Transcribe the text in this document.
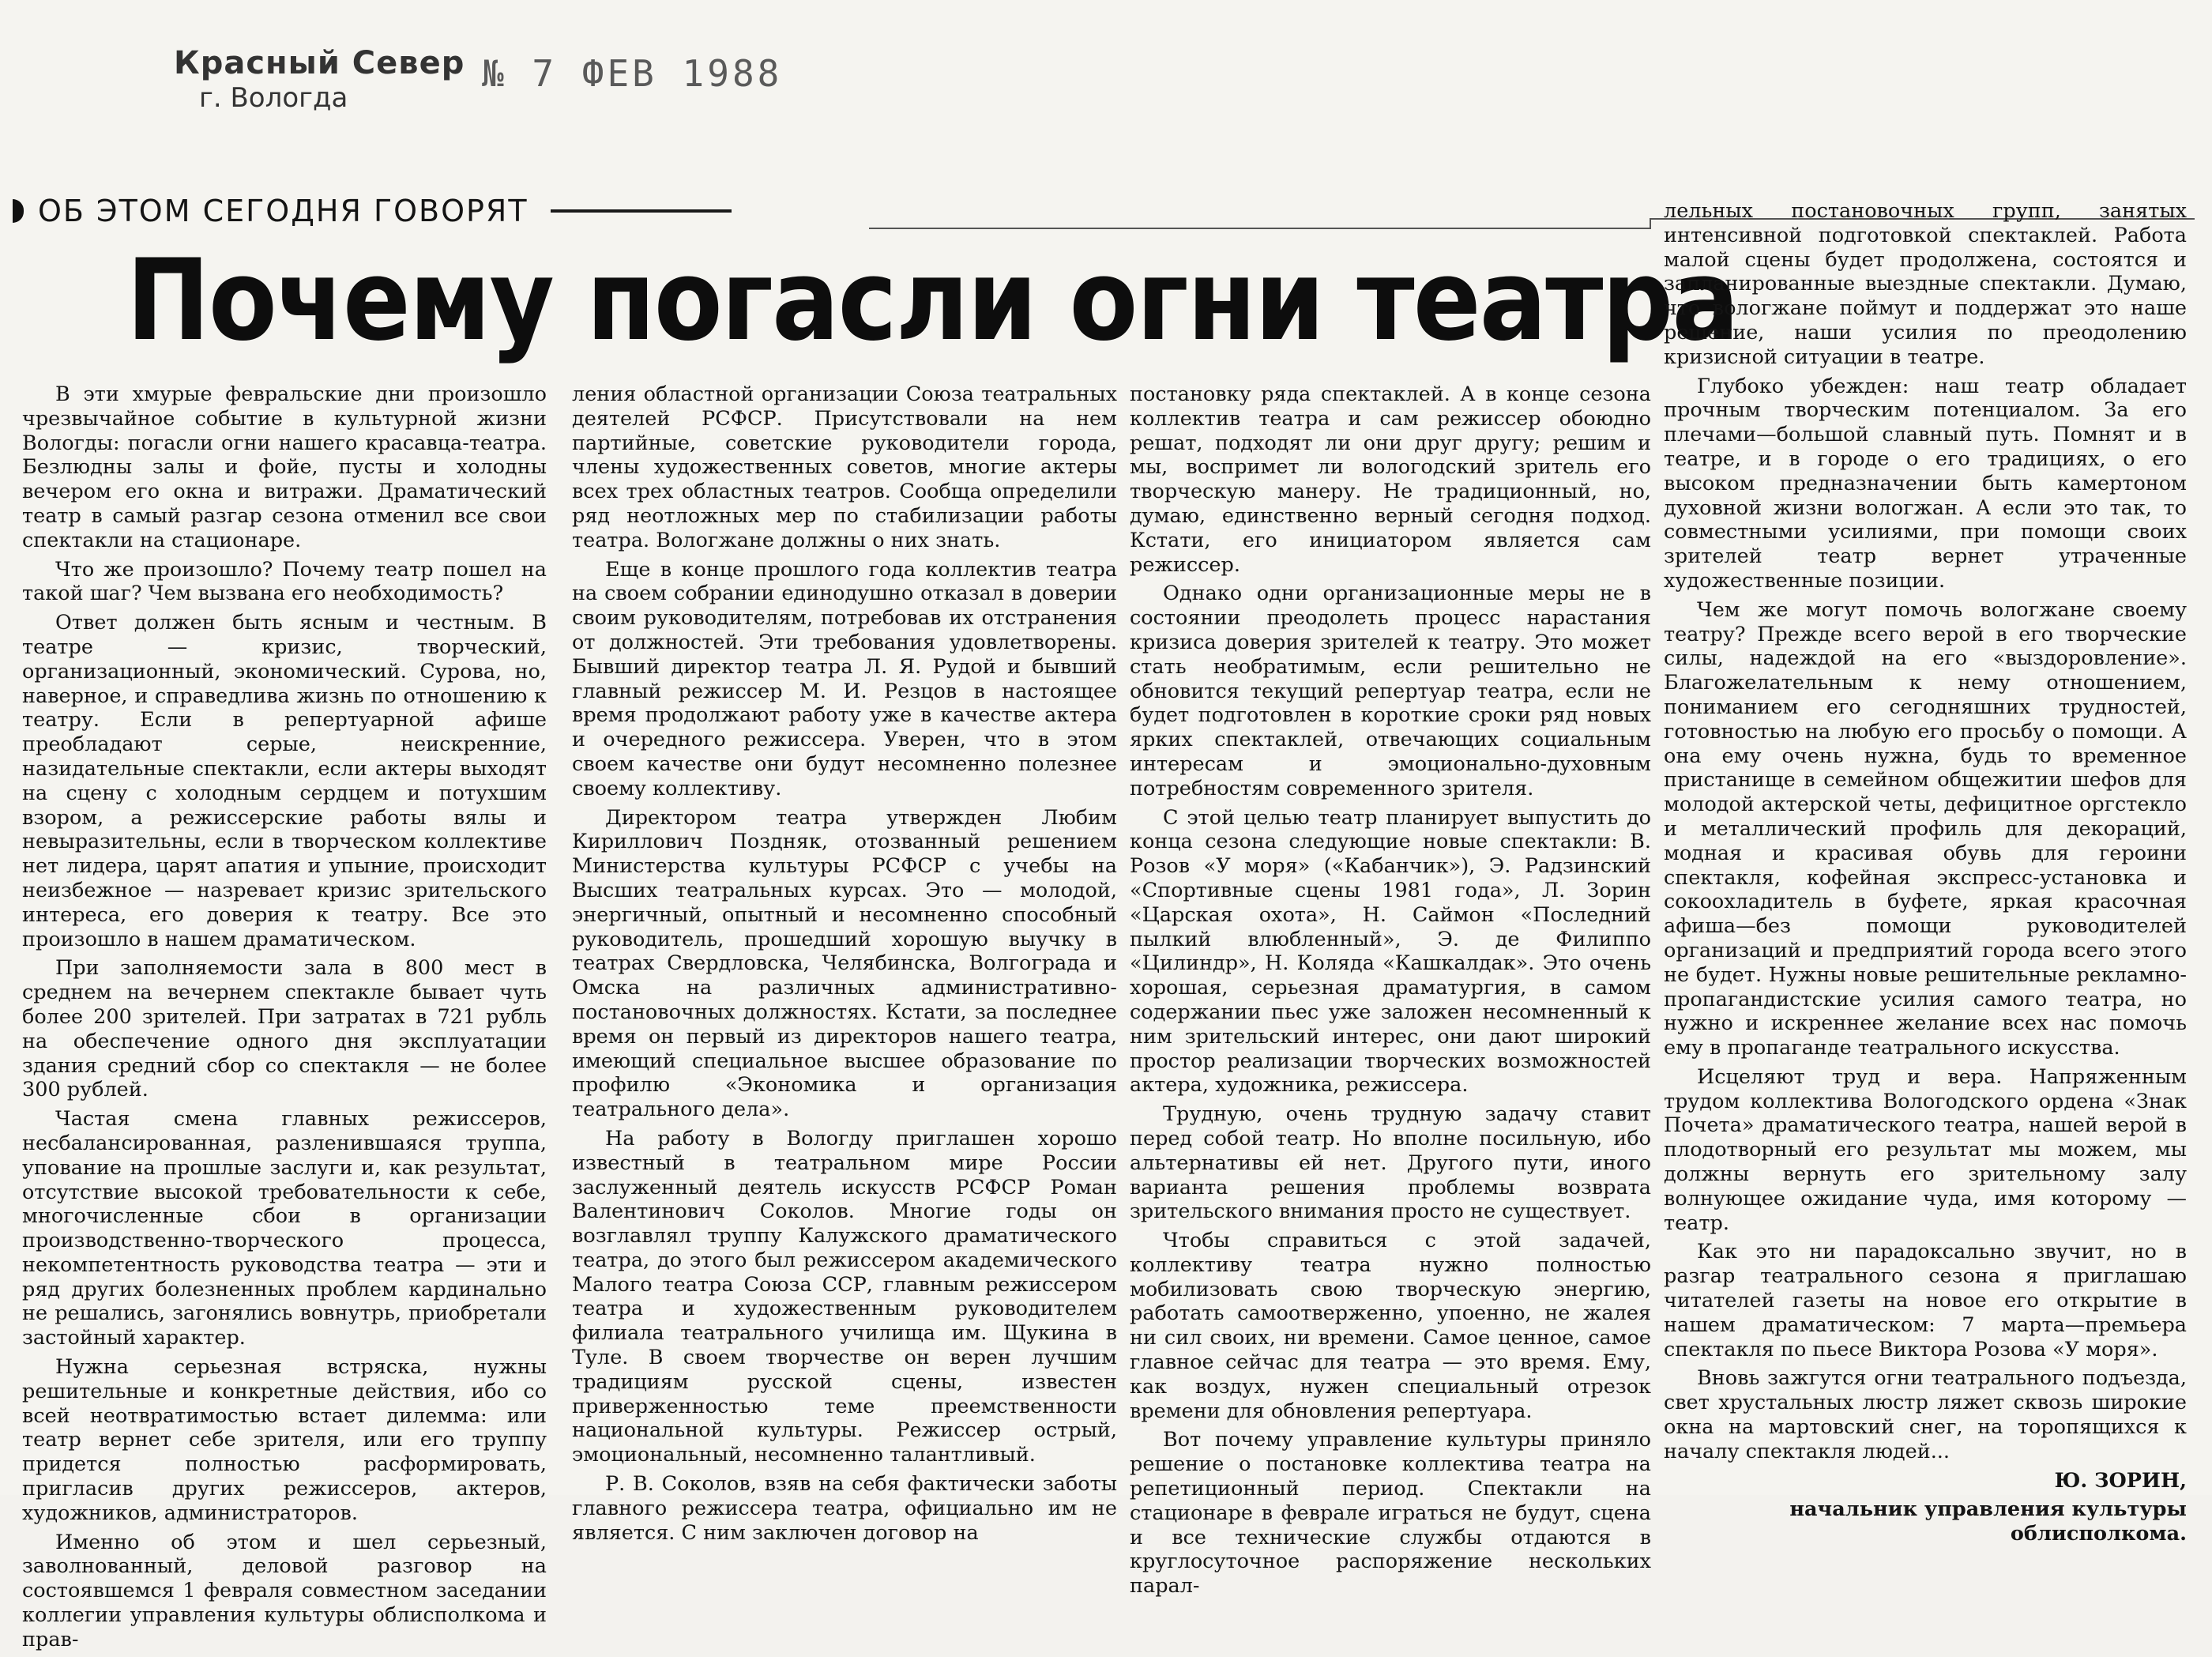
Красный Север
г. Вологда
№ 7 ФЕВ 1988
ОБ ЭТОМ СЕГОДНЯ ГОВОРЯТ
Почему погасли огни театра

В эти хмурые февральские дни произошло чрезвычайное событие в культурной жизни Вологды: погасли огни нашего красавца-театра. Безлюдны залы и фойе, пусты и холодны вечером его окна и витражи. Драматический театр в самый разгар сезона отменил все свои спектакли на стационаре.

Что же произошло? Почему театр пошел на такой шаг? Чем вызвана его необходимость?

Ответ должен быть ясным и честным. В театре — кризис, творческий, организационный, экономический. Сурова, но, наверное, и справедлива жизнь по отношению к театру. Если в репертуарной афише преобладают серые, неискренние, назидательные спектакли, если актеры выходят на сцену с холодным сердцем и потухшим взором, а режиссерские работы вялы и невыразительны, если в творческом коллективе нет лидера, царят апатия и упыние, происходит неизбежное — назревает кризис зрительского интереса, его доверия к театру. Все это произошло в нашем драматическом.

При заполняемости зала в 800 мест в среднем на вечернем спектакле бывает чуть более 200 зрителей. При затратах в 721 рубль на обеспечение одного дня эксплуатации здания средний сбор со спектакля — не более 300 рублей.

Частая смена главных режиссеров, несбалансированная, разленившаяся труппа, упование на прошлые заслуги и, как результат, отсутствие высокой требовательности к себе, многочисленные сбои в организации производственно-творческого процесса, некомпетентность руководства театра — эти и ряд других болезненных проблем кардинально не решались, загонялись вовнутрь, приобретали застойный характер.

Нужна серьезная встряска, нужны решительные и конкретные действия, ибо со всей неотвратимостью встает дилемма: или театр вернет себе зрителя, или его труппу придется полностью расформировать, пригласив других режиссеров, актеров, художников, администраторов.

Именно об этом и шел серьезный, заволнованный, деловой разговор на состоявшемся 1 февраля совместном заседании коллегии управления культуры облисполкома и прав-

ления областной организации Союза театральных деятелей РСФСР. Присутствовали на нем партийные, советские руководители города, члены художественных советов, многие актеры всех трех областных театров. Сообща определили ряд неотложных мер по стабилизации работы театра. Вологжане должны о них знать.

Еще в конце прошлого года коллектив театра на своем собрании единодушно отказал в доверии своим руководителям, потребовав их отстранения от должностей. Эти требования удовлетворены. Бывший директор театра Л. Я. Рудой и бывший главный режиссер М. И. Резцов в настоящее время продолжают работу уже в качестве актера и очередного режиссера. Уверен, что в этом своем качестве они будут несомненно полезнее своему коллективу.

Директором театра утвержден Любим Кириллович Поздняк, отозванный решением Министерства культуры РСФСР с учебы на Высших театральных курсах. Это — молодой, энергичный, опытный и несомненно способный руководитель, прошедший хорошую выучку в театрах Свердловска, Челябинска, Волгограда и Омска на различных административно-постановочных должностях. Кстати, за последнее время он первый из директоров нашего театра, имеющий специальное высшее образование по профилю «Экономика и организация театрального дела».

На работу в Вологду приглашен хорошо известный в театральном мире России заслуженный деятель искусств РСФСР Роман Валентинович Соколов. Многие годы он возглавлял труппу Калужского драматического театра, до этого был режиссером академического Малого театра Союза ССР, главным режиссером театра и художественным руководителем филиала театрального училища им. Щукина в Туле. В своем творчестве он верен лучшим традициям русской сцены, известен приверженностью теме преемственности национальной культуры. Режиссер острый, эмоциональный, несомненно талантливый.

Р. В. Соколов, взяв на себя фактически заботы главного режиссера театра, официально им не является. С ним заключен договор на

постановку ряда спектаклей. А в конце сезона коллектив театра и сам режиссер обоюдно решат, подходят ли они друг другу; решим и мы, воспримет ли вологодский зритель его творческую манеру. Не традиционный, но, думаю, единственно верный сегодня подход. Кстати, его инициатором является сам режиссер.

Однако одни организационные меры не в состоянии преодолеть процесс нарастания кризиса доверия зрителей к театру. Это может стать необратимым, если решительно не обновится текущий репертуар театра, если не будет подготовлен в короткие сроки ряд новых ярких спектаклей, отвечающих социальным интересам и эмоционально-духовным потребностям современного зрителя.

С этой целью театр планирует выпустить до конца сезона следующие новые спектакли: В. Розов «У моря» («Кабанчик»), Э. Радзинский «Спортивные сцены 1981 года», Л. Зорин «Царская охота», Н. Саймон «Последний пылкий влюбленный», Э. де Филиппо «Цилиндр», Н. Коляда «Кашкалдак». Это очень хорошая, серьезная драматургия, в самом содержании пьес уже заложен несомненный к ним зрительский интерес, они дают широкий простор реализации творческих возможностей актера, художника, режиссера.

Трудную, очень трудную задачу ставит перед собой театр. Но вполне посильную, ибо альтернативы ей нет. Другого пути, иного варианта решения проблемы возврата зрительского внимания просто не существует.

Чтобы справиться с этой задачей, коллективу театра нужно полностью мобилизовать свою творческую энергию, работать самоотверженно, упоенно, не жалея ни сил своих, ни времени. Самое ценное, самое главное сейчас для театра — это время. Ему, как воздух, нужен специальный отрезок времени для обновления репертуара.

Вот почему управление культуры приняло решение о постановке коллектива театра на репетиционный период. Спектакли на стационаре в феврале играться не будут, сцена и все технические службы отдаются в круглосуточное распоряжение нескольких парал-

лельных постановочных групп, занятых интенсивной подготовкой спектаклей. Работа малой сцены будет продолжена, состоятся и запланированные выездные спектакли. Думаю, что вологжане поймут и поддержат это наше решение, наши усилия по преодолению кризисной ситуации в театре.

Глубоко убежден: наш театр обладает прочным творческим потенциалом. За его плечами—большой славный путь. Помнят и в театре, и в городе о его традициях, о его высоком предназначении быть камертоном духовной жизни вологжан. А если это так, то совместными усилиями, при помощи своих зрителей театр вернет утраченные художественные позиции.

Чем же могут помочь вологжане своему театру? Прежде всего верой в его творческие силы, надеждой на его «выздоровление». Благожелательным к нему отношением, пониманием его сегодняшних трудностей, готовностью на любую его просьбу о помощи. А она ему очень нужна, будь то временное пристанище в семейном общежитии шефов для молодой актерской четы, дефицитное оргстекло и металлический профиль для декораций, модная и красивая обувь для героини спектакля, кофейная экспресс-установка и сокоохладитель в буфете, яркая красочная афиша—без помощи руководителей организаций и предприятий города всего этого не будет. Нужны новые решительные рекламно-пропагандистские усилия самого театра, но нужно и искреннее желание всех нас помочь ему в пропаганде театрального искусства.

Исцеляют труд и вера. Напряженным трудом коллектива Вологодского ордена «Знак Почета» драматического театра, нашей верой в плодотворный его результат мы можем, мы должны вернуть его зрительному залу волнующее ожидание чуда, имя которому — театр.

Как это ни парадоксально звучит, но в разгар театрального сезона я приглашаю читателей газеты на новое его открытие в нашем драматическом: 7 марта—премьера спектакля по пьесе Виктора Розова «У моря».

Вновь зажгутся огни театрального подъезда, свет хрустальных люстр ляжет сквозь широкие окна на мартовский снег, на торопящихся к началу спектакля людей...

Ю. ЗОРИН,

начальник управления культуры облисполкома.
